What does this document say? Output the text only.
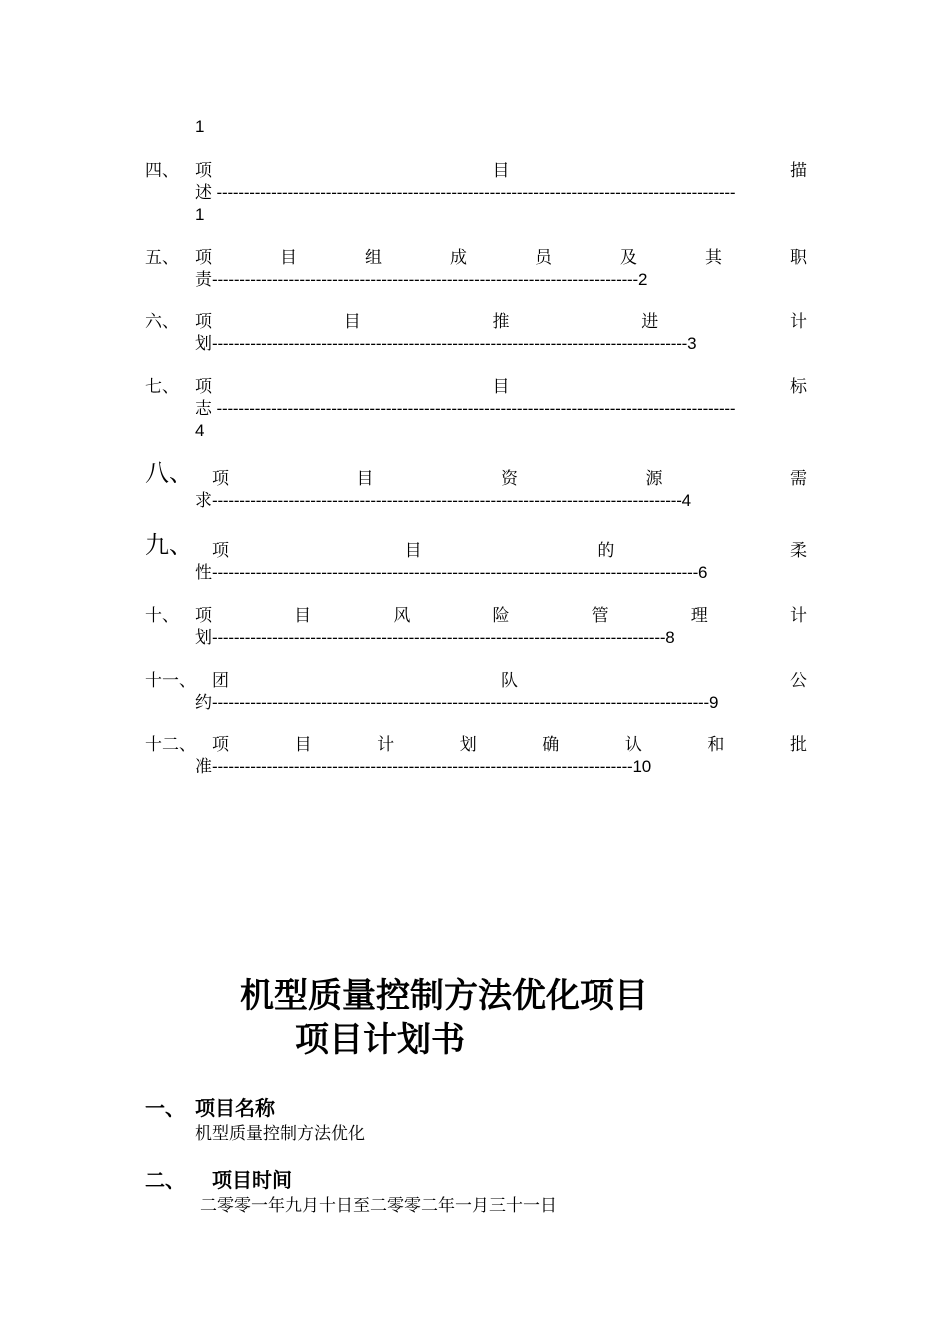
1
四、 项	目	描
述 -----------------------------------------------------------------------------------------------
1
五、 项	目	组	成	员	及	其	职
责------------------------------------------------------------------------------2
六、 项	目	推	进	计
划---------------------------------------------------------------------------------------3
七、 项	目	标
志 -----------------------------------------------------------------------------------------------
4
八、 项	目	资	源	需
求--------------------------------------------------------------------------------------4
九、 项	目	的	柔
性-----------------------------------------------------------------------------------------6
十、 项	目	风	险	管	理	计
划-----------------------------------------------------------------------------------8
十一、 团	队	公
约-------------------------------------------------------------------------------------------9
十二、 项	目	计	划	确	认	和	批
准-----------------------------------------------------------------------------10
机型质量控制方法优化项目
项目计划书
一、 项目名称
机型质量控制方法优化
二、 项目时间
二零零一年九月十日至二零零二年一月三十一日
